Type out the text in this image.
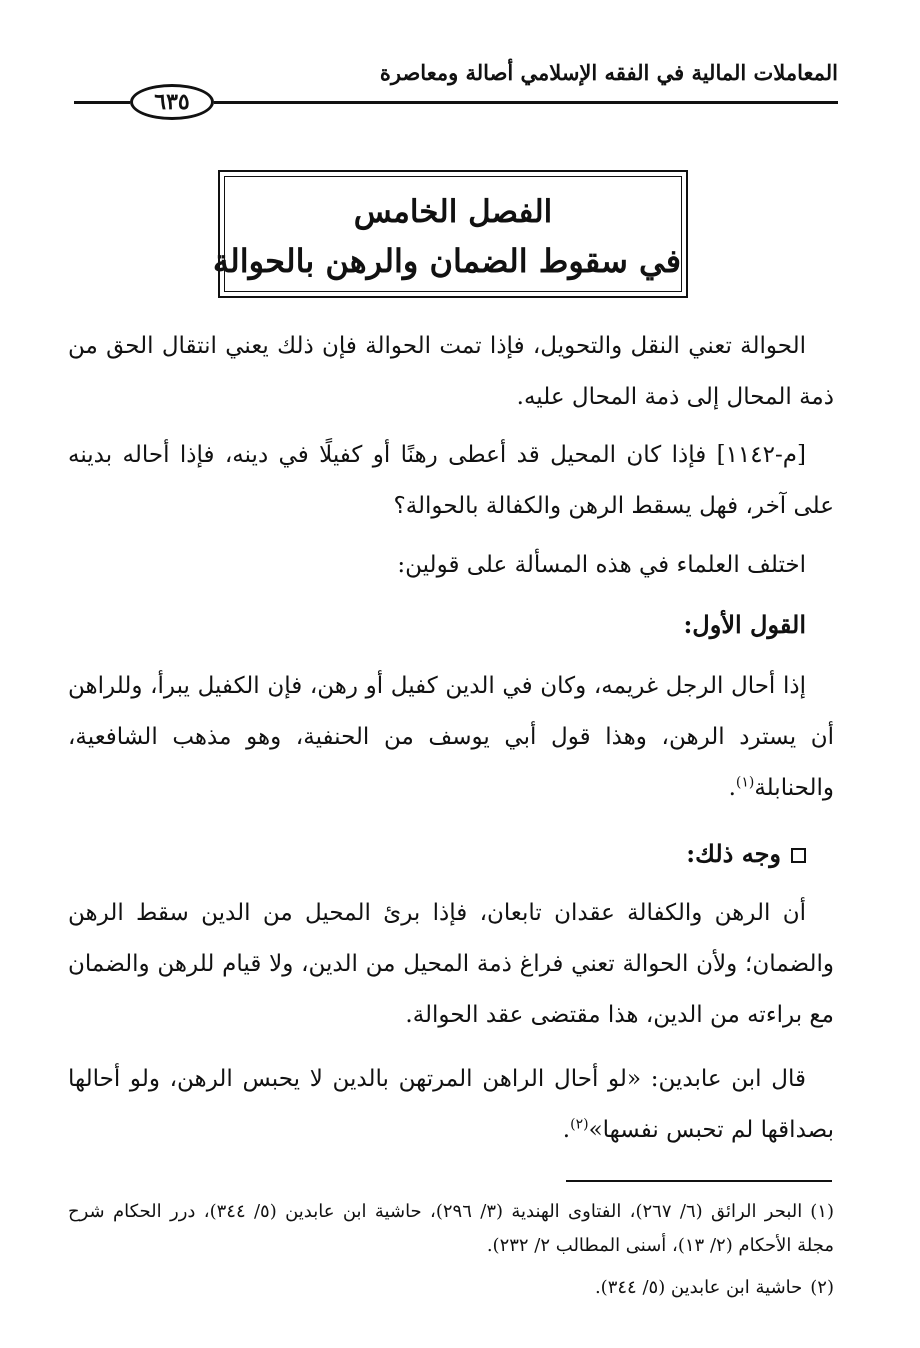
المعاملات المالية في الفقه الإسلامي أصالة ومعاصرة
٦٣٥
الفصل الخامس
في سقوط الضمان والرهن بالحوالة

الحوالة تعني النقل والتحويل، فإذا تمت الحوالة فإن ذلك يعني انتقال الحق من ذمة المحال إلى ذمة المحال عليه.

[م-١١٤٢] فإذا كان المحيل قد أعطى رهنًا أو كفيلًا في دينه، فإذا أحاله بدينه على آخر، فهل يسقط الرهن والكفالة بالحوالة؟

اختلف العلماء في هذه المسألة على قولين:

القول الأول:

إذا أحال الرجل غريمه، وكان في الدين كفيل أو رهن، فإن الكفيل يبرأ، وللراهن أن يسترد الرهن، وهذا قول أبي يوسف من الحنفية، وهو مذهب الشافعية، والحنابلة$^{(١)}$.

وجه ذلك:

أن الرهن والكفالة عقدان تابعان، فإذا برئ المحيل من الدين سقط الرهن والضمان؛ ولأن الحوالة تعني فراغ ذمة المحيل من الدين، ولا قيام للرهن والضمان مع براءته من الدين، هذا مقتضى عقد الحوالة.

قال ابن عابدين: «لو أحال الراهن المرتهن بالدين لا يحبس الرهن، ولو أحالها بصداقها لم تحبس نفسها»$^{(٢)}$.

(١)البحر الرائق (٦/ ٢٦٧)، الفتاوى الهندية (٣/ ٢٩٦)، حاشية ابن عابدين (٥/ ٣٤٤)، درر الحكام شرح مجلة الأحكام (٢/ ١٣)، أسنى المطالب ٢/ ٢٣٢).

(٢)حاشية ابن عابدين (٥/ ٣٤٤).
